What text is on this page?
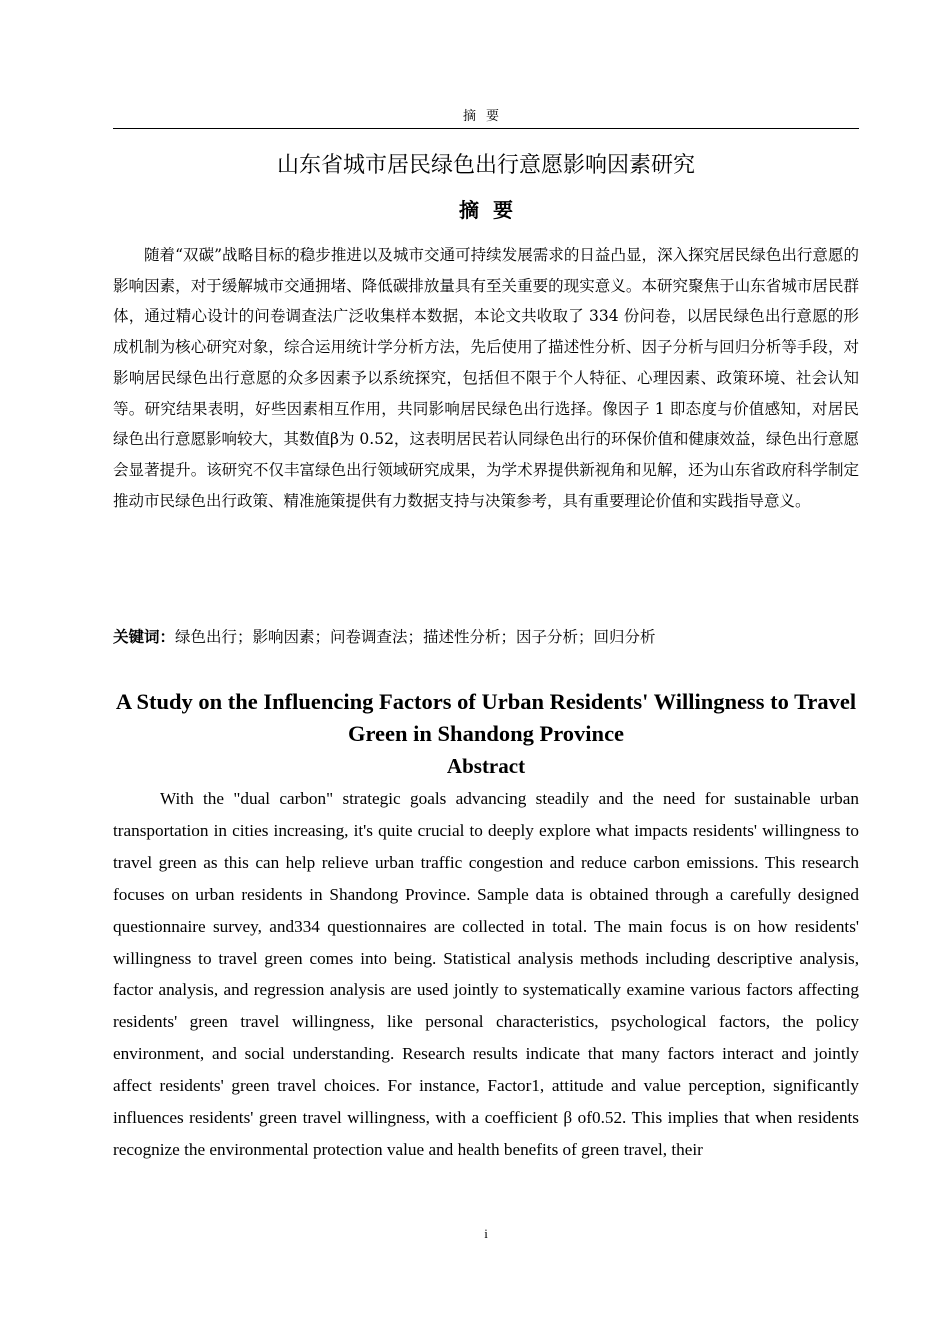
摘要
山东省城市居民绿色出行意愿影响因素研究
摘要

随着“双碳”战略目标的稳步推进以及城市交通可持续发展需求的日益凸显，深入探究居民绿色出行意愿的影响因素，对于缓解城市交通拥堵、降低碳排放量具有至关重要的现实意义。本研究聚焦于山东省城市居民群体，通过精心设计的问卷调查法广泛收集样本数据，本论文共收取了 334 份问卷，以居民绿色出行意愿的形成机制为核心研究对象，综合运用统计学分析方法，先后使用了描述性分析、因子分析与回归分析等手段，对影响居民绿色出行意愿的众多因素予以系统探究，包括但不限于个人特征、心理因素、政策环境、社会认知等。研究结果表明，好些因素相互作用，共同影响居民绿色出行选择。像因子 1 即态度与价值感知，对居民绿色出行意愿影响较大，其数值β为 0.52，这表明居民若认同绿色出行的环保价值和健康效益，绿色出行意愿会显著提升。该研究不仅丰富绿色出行领域研究成果，为学术界提供新视角和见解，还为山东省政府科学制定推动市民绿色出行政策、精准施策提供有力数据支持与决策参考，具有重要理论价值和实践指导意义。

关键词：绿色出行；影响因素；问卷调查法；描述性分析；因子分析；回归分析

A Study on the Influencing Factors of Urban Residents' Willingness to Travel Green in Shandong Province
Abstract

With the "dual carbon" strategic goals advancing steadily and the need for sustainable urban transportation in cities increasing, it's quite crucial to deeply explore what impacts residents' willingness to travel green as this can help relieve urban traffic congestion and reduce carbon emissions. This research focuses on urban residents in Shandong Province. Sample data is obtained through a carefully designed questionnaire survey, and334 questionnaires are collected in total. The main focus is on how residents' willingness to travel green comes into being. Statistical analysis methods including descriptive analysis, factor analysis, and regression analysis are used jointly to systematically examine various factors affecting residents' green travel willingness, like personal characteristics, psychological factors, the policy environment, and social understanding. Research results indicate that many factors interact and jointly affect residents' green travel choices. For instance, Factor1, attitude and value perception, significantly influences residents' green travel willingness, with a coefficient β of0.52. This implies that when residents recognize the environmental protection value and health benefits of green travel, their

i
